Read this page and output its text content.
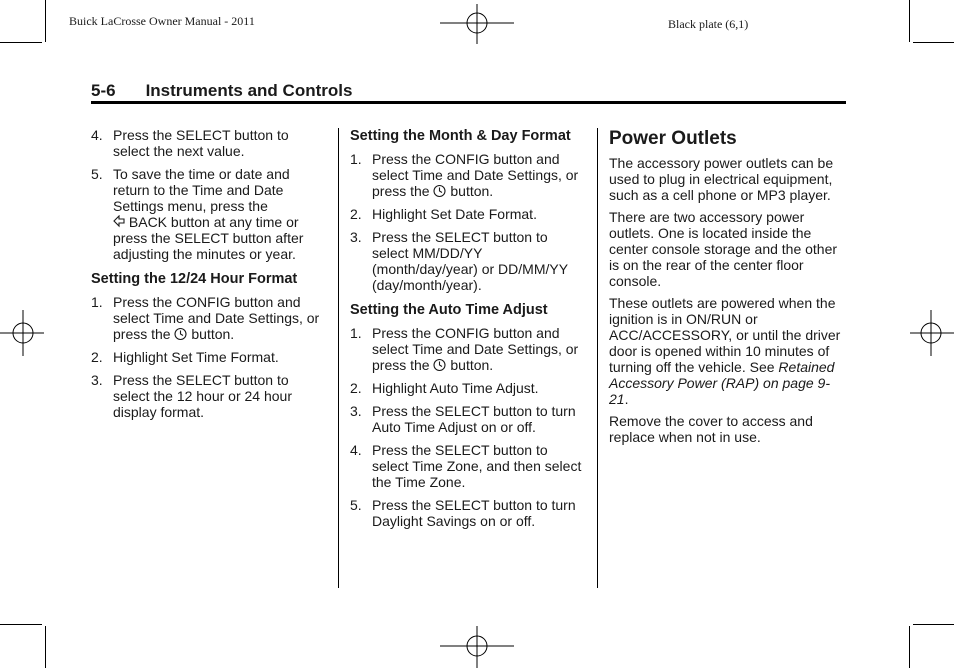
Buick LaCrosse Owner Manual - 2011	Black plate (6,1)
5-6 Instruments and Controls
4. Press the SELECT button to select the next value.
5. To save the time or date and return to the Time and Date Settings menu, press the
BACK button at any time or press the SELECT button after adjusting the minutes or year.
Setting the 12/24 Hour Format
1. Press the CONFIG button and select Time and Date Settings, or press the button.
2. Highlight Set Time Format.
3. Press the SELECT button to select the 12 hour or 24 hour display format.
Setting the Month & Day Format
1. Press the CONFIG button and select Time and Date Settings, or press the button.
2. Highlight Set Date Format.
3. Press the SELECT button to select MM/DD/YY (month/day/year) or DD/MM/YY (day/month/year).
Setting the Auto Time Adjust
1. Press the CONFIG button and select Time and Date Settings, or press the button.
2. Highlight Auto Time Adjust.
3. Press the SELECT button to turn Auto Time Adjust on or off.
4. Press the SELECT button to select Time Zone, and then select the Time Zone.
5. Press the SELECT button to turn Daylight Savings on or off.
Power Outlets

The accessory power outlets can be used to plug in electrical equipment, such as a cell phone or MP3 player.

There are two accessory power outlets. One is located inside the center console storage and the other is on the rear of the center floor console.

These outlets are powered when the ignition is in ON/RUN or ACC/ACCESSORY, or until the driver door is opened within 10 minutes of turning off the vehicle. See Retained Accessory Power (RAP) on page 9-21.

Remove the cover to access and replace when not in use.
